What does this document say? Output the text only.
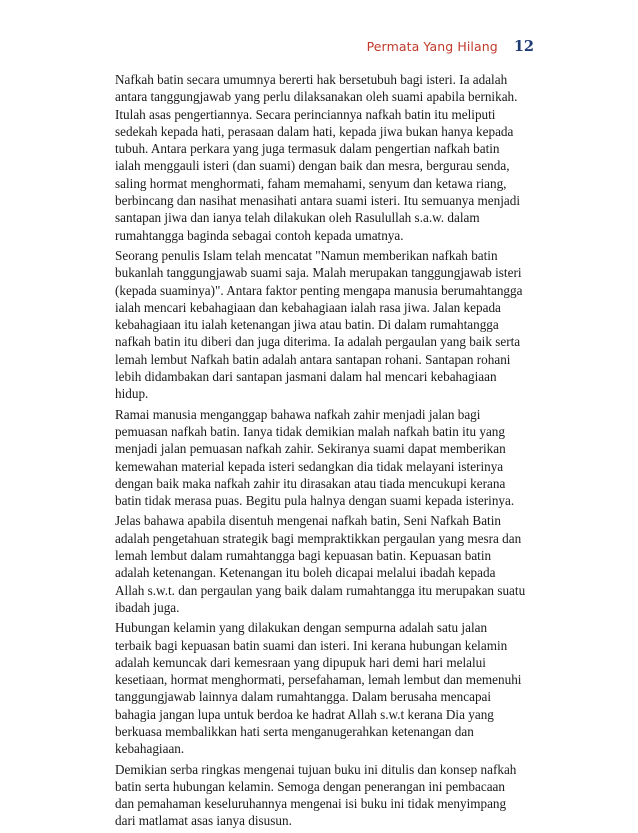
Permata Yang Hilang 12

Nafkah batin secara umumnya bererti hak bersetubuh bagi isteri. Ia adalah antara tanggungjawab yang perlu dilaksanakan oleh suami apabila bernikah. Itulah asas pengertiannya. Secara perinciannya nafkah batin itu meliputi sedekah kepada hati, perasaan dalam hati, kepada jiwa bukan hanya kepada tubuh. Antara perkara yang juga termasuk dalam pengertian nafkah batin ialah menggauli isteri (dan suami) dengan baik dan mesra, bergurau senda, saling hormat menghormati, faham memahami, senyum dan ketawa riang, berbincang dan nasihat menasihati antara suami isteri. Itu semuanya menjadi santapan jiwa dan ianya telah dilakukan oleh Rasulullah s.a.w. dalam rumahtangga baginda sebagai contoh kepada umatnya.

Seorang penulis Islam telah mencatat "Namun memberikan nafkah batin bukanlah tanggungjawab suami saja. Malah merupakan tanggungjawab isteri (kepada suaminya)". Antara faktor penting mengapa manusia berumahtangga ialah mencari kebahagiaan dan kebahagiaan ialah rasa jiwa. Jalan kepada kebahagiaan itu ialah ketenangan jiwa atau batin. Di dalam rumahtangga nafkah batin itu diberi dan juga diterima. Ia adalah pergaulan yang baik serta lemah lembut Nafkah batin adalah antara santapan rohani. Santapan rohani lebih didambakan dari santapan jasmani dalam hal mencari kebahagiaan hidup.

Ramai manusia menganggap bahawa nafkah zahir menjadi jalan bagi pemuasan nafkah batin. Ianya tidak demikian malah nafkah batin itu yang menjadi jalan pemuasan nafkah zahir. Sekiranya suami dapat memberikan kemewahan material kepada isteri sedangkan dia tidak melayani isterinya dengan baik maka nafkah zahir itu dirasakan atau tiada mencukupi kerana batin tidak merasa puas. Begitu pula halnya dengan suami kepada isterinya.

Jelas bahawa apabila disentuh mengenai nafkah batin, Seni Nafkah Batin adalah pengetahuan strategik bagi mempraktikkan pergaulan yang mesra dan lemah lembut dalam rumahtangga bagi kepuasan batin. Kepuasan batin adalah ketenangan. Ketenangan itu boleh dicapai melalui ibadah kepada Allah s.w.t. dan pergaulan yang baik dalam rumahtangga itu merupakan suatu ibadah juga.

Hubungan kelamin yang dilakukan dengan sempurna adalah satu jalan terbaik bagi kepuasan batin suami dan isteri. Ini kerana hubungan kelamin adalah kemuncak dari kemesraan yang dipupuk hari demi hari melalui kesetiaan, hormat menghormati, persefahaman, lemah lembut dan memenuhi tanggungjawab lainnya dalam rumahtangga. Dalam berusaha mencapai bahagia jangan lupa untuk berdoa ke hadrat Allah s.w.t kerana Dia yang berkuasa membalikkan hati serta menganugerahkan ketenangan dan kebahagiaan.

Demikian serba ringkas mengenai tujuan buku ini ditulis dan konsep nafkah batin serta hubungan kelamin. Semoga dengan penerangan ini pembacaan dan pemahaman keseluruhannya mengenai isi buku ini tidak menyimpang dari matlamat asas ianya disusun.
